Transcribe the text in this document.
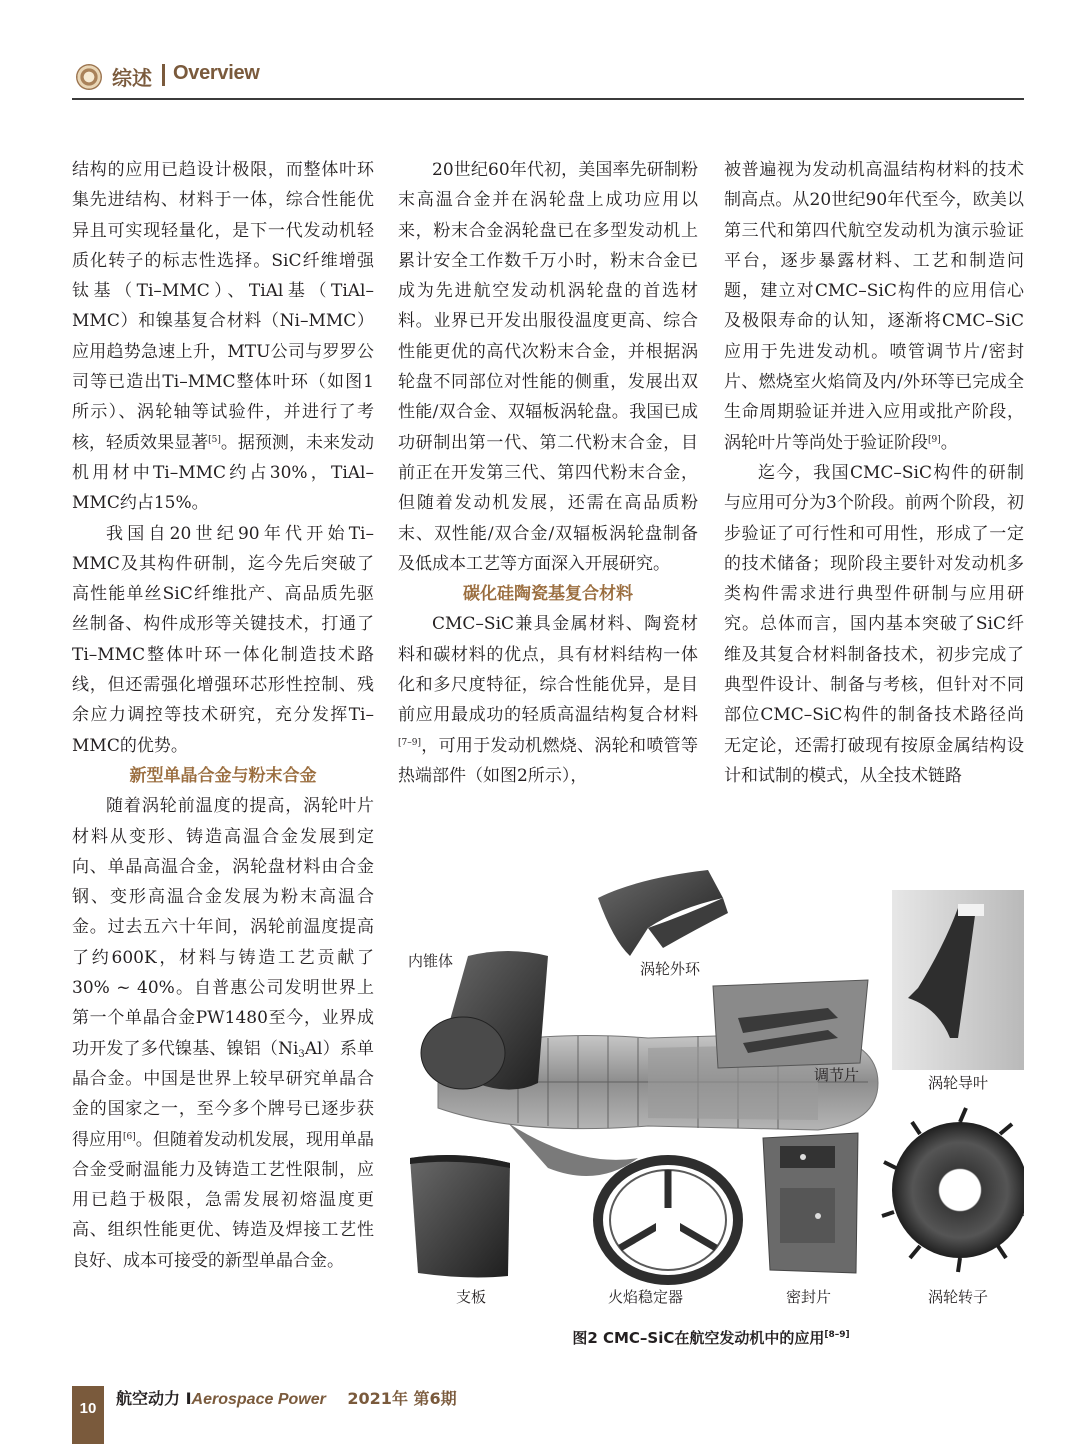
综述 Overview

结构的应用已趋设计极限，而整体叶环集先进结构、材料于一体，综合性能优异且可实现轻量化，是下一代发动机轻质化转子的标志性选择。SiC纤维增强钛基（Ti–MMC）、TiAl基（TiAl–MMC）和镍基复合材料（Ni–MMC）应用趋势急速上升，MTU公司与罗罗公司等已造出Ti–MMC整体叶环（如图1所示）、涡轮轴等试验件，并进行了考核，轻质效果显著[5]。据预测，未来发动机用材中Ti–MMC约占30%，TiAl–MMC约占15%。

我国自20世纪90年代开始Ti–MMC及其构件研制，迄今先后突破了高性能单丝SiC纤维批产、高品质先驱丝制备、构件成形等关键技术，打通了Ti–MMC整体叶环一体化制造技术路线，但还需强化增强环芯形性控制、残余应力调控等技术研究，充分发挥Ti–MMC的优势。

新型单晶合金与粉末合金

随着涡轮前温度的提高，涡轮叶片材料从变形、铸造高温合金发展到定向、单晶高温合金，涡轮盘材料由合金钢、变形高温合金发展为粉末高温合金。过去五六十年间，涡轮前温度提高了约600K，材料与铸造工艺贡献了30% ~ 40%。自普惠公司发明世界上第一个单晶合金PW1480至今，业界成功开发了多代镍基、镍铝$(Ni_3Al)$系单晶合金。中国是世界上较早研究单晶合金的国家之一，至今多个牌号已逐步获得应用[6]。但随着发动机发展，现用单晶合金受耐温能力及铸造工艺性限制，应用已趋于极限，急需发展初熔温度更高、组织性能更优、铸造及焊接工艺性良好、成本可接受的新型单晶合金。

20世纪60年代初，美国率先研制粉末高温合金并在涡轮盘上成功应用以来，粉末合金涡轮盘已在多型发动机上累计安全工作数千万小时，粉末合金已成为先进航空发动机涡轮盘的首选材料。业界已开发出服役温度更高、综合性能更优的高代次粉末合金，并根据涡轮盘不同部位对性能的侧重，发展出双性能/双合金、双辐板涡轮盘。我国已成功研制出第一代、第二代粉末合金，目前正在开发第三代、第四代粉末合金，但随着发动机发展，还需在高品质粉末、双性能/双合金/双辐板涡轮盘制备及低成本工艺等方面深入开展研究。

碳化硅陶瓷基复合材料

CMC–SiC兼具金属材料、陶瓷材料和碳材料的优点，具有材料结构一体化和多尺度特征，综合性能优异，是目前应用最成功的轻质高温结构复合材料[7–9]，可用于发动机燃烧、涡轮和喷管等热端部件（如图2所示），

被普遍视为发动机高温结构材料的技术制高点。从20世纪90年代至今，欧美以第三代和第四代航空发动机为演示验证平台，逐步暴露材料、工艺和制造问题，建立对CMC–SiC构件的应用信心及极限寿命的认知，逐渐将CMC–SiC应用于先进发动机。喷管调节片/密封片、燃烧室火焰筒及内/外环等已完成全生命周期验证并进入应用或批产阶段，涡轮叶片等尚处于验证阶段[9]。

迄今，我国CMC–SiC构件的研制与应用可分为3个阶段。前两个阶段，初步验证了可行性和可用性，形成了一定的技术储备；现阶段主要针对发动机多类构件需求进行典型件研制与应用研究。总体而言，国内基本突破了SiC纤维及其复合材料制备技术，初步完成了典型件设计、制备与考核，但针对不同部位CMC–SiC构件的制备技术路径尚无定论，还需打破现有按原金属结构设计和试制的模式，从全技术链路

内锥体	涡轮外环
调节片	涡轮导叶
支板	火焰稳定器	密封片	涡轮转子
图2 CMC–SiC在航空发动机中的应用[8–9]
10
航空动力 IAerospace Power 2021年 第6期
